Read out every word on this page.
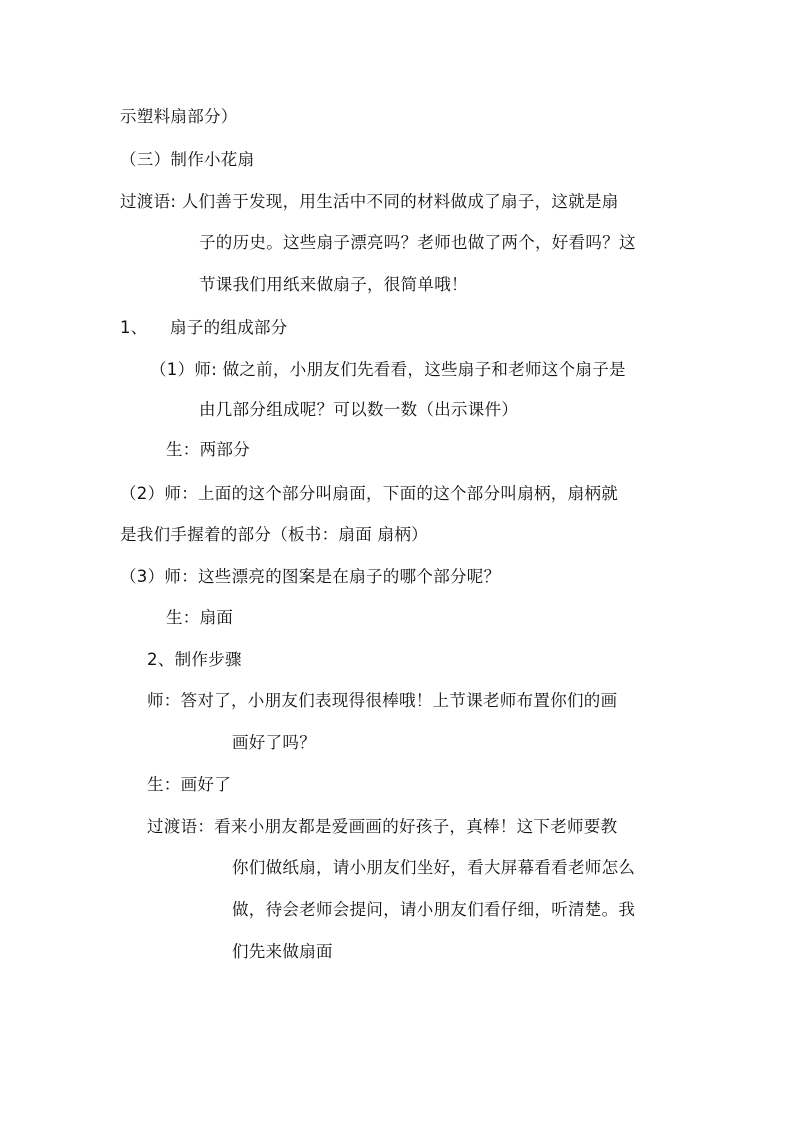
示塑料扇部分）
（三）制作小花扇
过渡语: 人们善于发现，用生活中不同的材料做成了扇子，这就是扇
子的历史。这些扇子漂亮吗？老师也做了两个，好看吗？这
节课我们用纸来做扇子，很简单哦！
1、 扇子的组成部分
（1）师: 做之前，小朋友们先看看，这些扇子和老师这个扇子是
由几部分组成呢？可以数一数（出示课件）
生：两部分
（2）师：上面的这个部分叫扇面，下面的这个部分叫扇柄，扇柄就
是我们手握着的部分（板书：扇面 扇柄）
（3）师：这些漂亮的图案是在扇子的哪个部分呢？
生：扇面
2、制作步骤
师：答对了，小朋友们表现得很棒哦！上节课老师布置你们的画
画好了吗？
生：画好了
过渡语：看来小朋友都是爱画画的好孩子，真棒！这下老师要教
你们做纸扇，请小朋友们坐好，看大屏幕看看老师怎么
做，待会老师会提问，请小朋友们看仔细，听清楚。我
们先来做扇面
